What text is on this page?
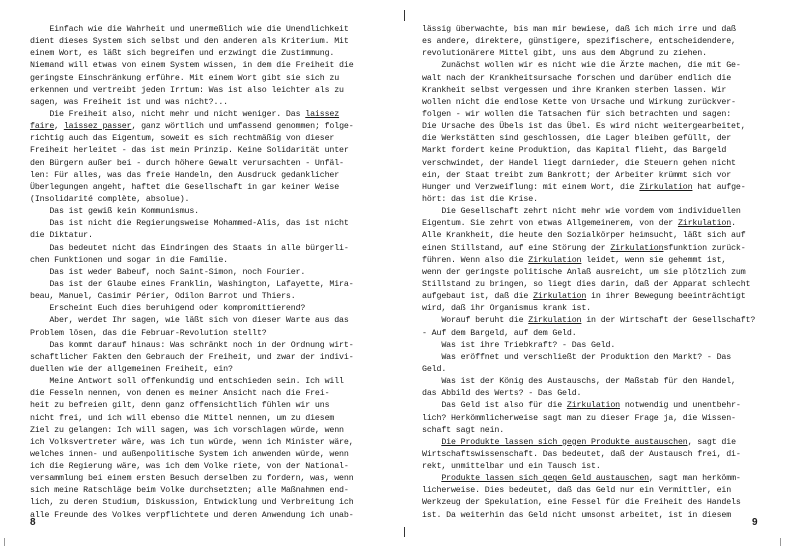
Einfach wie die Wahrheit und unermeßlich wie die Unendlichkeit
dient dieses System sich selbst und den anderen als Kriterium. Mit
einem Wort, es läßt sich begreifen und erzwingt die Zustimmung.
Niemand will etwas von einem System wissen, in dem die Freiheit die
geringste Einschränkung erführe. Mit einem Wort gibt sie sich zu
erkennen und vertreibt jeden Irrtum: Was ist also leichter als zu
sagen, was Freiheit ist und was nicht?...
Die Freiheit also, nicht mehr und nicht weniger. Das laissez
faire, laissez passer, ganz wörtlich und umfassend genommen; folge-
richtig auch das Eigentum, soweit es sich rechtmäßig von dieser
Freiheit herleitet - das ist mein Prinzip. Keine Solidarität unter
den Bürgern außer bei - durch höhere Gewalt verursachten - Unfäl-
len: Für alles, was das freie Handeln, den Ausdruck gedanklicher
Überlegungen angeht, haftet die Gesellschaft in gar keiner Weise
(Insolidarité complète, absolue).
Das ist gewiß kein Kommunismus.
Das ist nicht die Regierungsweise Mohammed-Alis, das ist nicht
die Diktatur.
Das bedeutet nicht das Eindringen des Staats in alle bürgerli-
chen Funktionen und sogar in die Familie.
Das ist weder Babeuf, noch Saint-Simon, noch Fourier.
Das ist der Glaube eines Franklin, Washington, Lafayette, Mira-
beau, Manuel, Casimir Périer, Odilon Barrot und Thiers.
Erscheint Euch dies beruhigend oder kompromittierend?
Aber, werdet Ihr sagen, wie läßt sich von dieser Warte aus das
Problem lösen, das die Februar-Revolution stellt?
Das kommt darauf hinaus: Was schränkt noch in der Ordnung wirt-
schaftlicher Fakten den Gebrauch der Freiheit, und zwar der indivi-
duellen wie der allgemeinen Freiheit, ein?
Meine Antwort soll offenkundig und entschieden sein. Ich will
die Fesseln nennen, von denen es meiner Ansicht nach die Frei-
heit zu befreien gilt, denn ganz offensichtlich fühlen wir uns
nicht frei, und ich will ebenso die Mittel nennen, um zu diesem
Ziel zu gelangen: Ich will sagen, was ich vorschlagen würde, wenn
ich Volksvertreter wäre, was ich tun würde, wenn ich Minister wäre,
welches innen- und außenpolitische System ich anwenden würde, wenn
ich die Regierung wäre, was ich dem Volke riete, von der National-
versammlung bei einem ersten Besuch derselben zu fordern, was, wenn
sich meine Ratschläge beim Volke durchsetzten; alle Maßnahmen end-
lich, zu deren Studium, Diskussion, Entwicklung und Verbreitung ich
alle Freunde des Volkes verpflichtete und deren Anwendung ich unab-
8
lässig überwachte, bis man mir bewiese, daß ich mich irre und daß
es andere, direktere, günstigere, spezifischere, entscheidendere,
revolutionärere Mittel gibt, uns aus dem Abgrund zu ziehen.
Zunächst wollen wir es nicht wie die Ärzte machen, die mit Ge-
walt nach der Krankheitsursache forschen und darüber endlich die
Krankheit selbst vergessen und ihre Kranken sterben lassen. Wir
wollen nicht die endlose Kette von Ursache und Wirkung zurückver-
folgen - wir wollen die Tatsachen für sich betrachten und sagen:
Die Ursache des Übels ist das Übel. Es wird nicht weitergearbeitet,
die Werkstätten sind geschlossen, die Lager bleiben gefüllt, der
Markt fordert keine Produktion, das Kapital flieht, das Bargeld
verschwindet, der Handel liegt darnieder, die Steuern gehen nicht
ein, der Staat treibt zum Bankrott; der Arbeiter krümmt sich vor
Hunger und Verzweiflung: mit einem Wort, die Zirkulation hat aufge-
hört: das ist die Krise.
Die Gesellschaft zehrt nicht mehr wie vordem vom individuellen
Eigentum. Sie zehrt von etwas Allgemeinerem, von der Zirkulation.
Alle Krankheit, die heute den Sozialkörper heimsucht, läßt sich auf
einen Stillstand, auf eine Störung der Zirkulationsfunktion zurück-
führen. Wenn also die Zirkulation leidet, wenn sie gehemmt ist,
wenn der geringste politische Anlaß ausreicht, um sie plötzlich zum
Stillstand zu bringen, so liegt dies darin, daß der Apparat schlecht
aufgebaut ist, daß die Zirkulation in ihrer Bewegung beeinträchtigt
wird, daß ihr Organismus krank ist.
Worauf beruht die Zirkulation in der Wirtschaft der Gesellschaft?
- Auf dem Bargeld, auf dem Geld.
Was ist ihre Triebkraft? - Das Geld.
Was eröffnet und verschließt der Produktion den Markt? - Das
Geld.
Was ist der König des Austauschs, der Maßstab für den Handel,
das Abbild des Werts? - Das Geld.
Das Geld ist also für die Zirkulation notwendig und unentbehr-
lich? Herkömmlicherweise sagt man zu dieser Frage ja, die Wissen-
schaft sagt nein.
Die Produkte lassen sich gegen Produkte austauschen, sagt die
Wirtschaftswissenschaft. Das bedeutet, daß der Austausch frei, di-
rekt, unmittelbar und ein Tausch ist.
Produkte lassen sich gegen Geld austauschen, sagt man herkömm-
licherweise. Dies bedeutet, daß das Geld nur ein Vermittler, ein
Werkzeug der Spekulation, eine Fessel für die Freiheit des Handels
ist. Da weiterhin das Geld nicht umsonst arbeitet, ist in diesem
9
